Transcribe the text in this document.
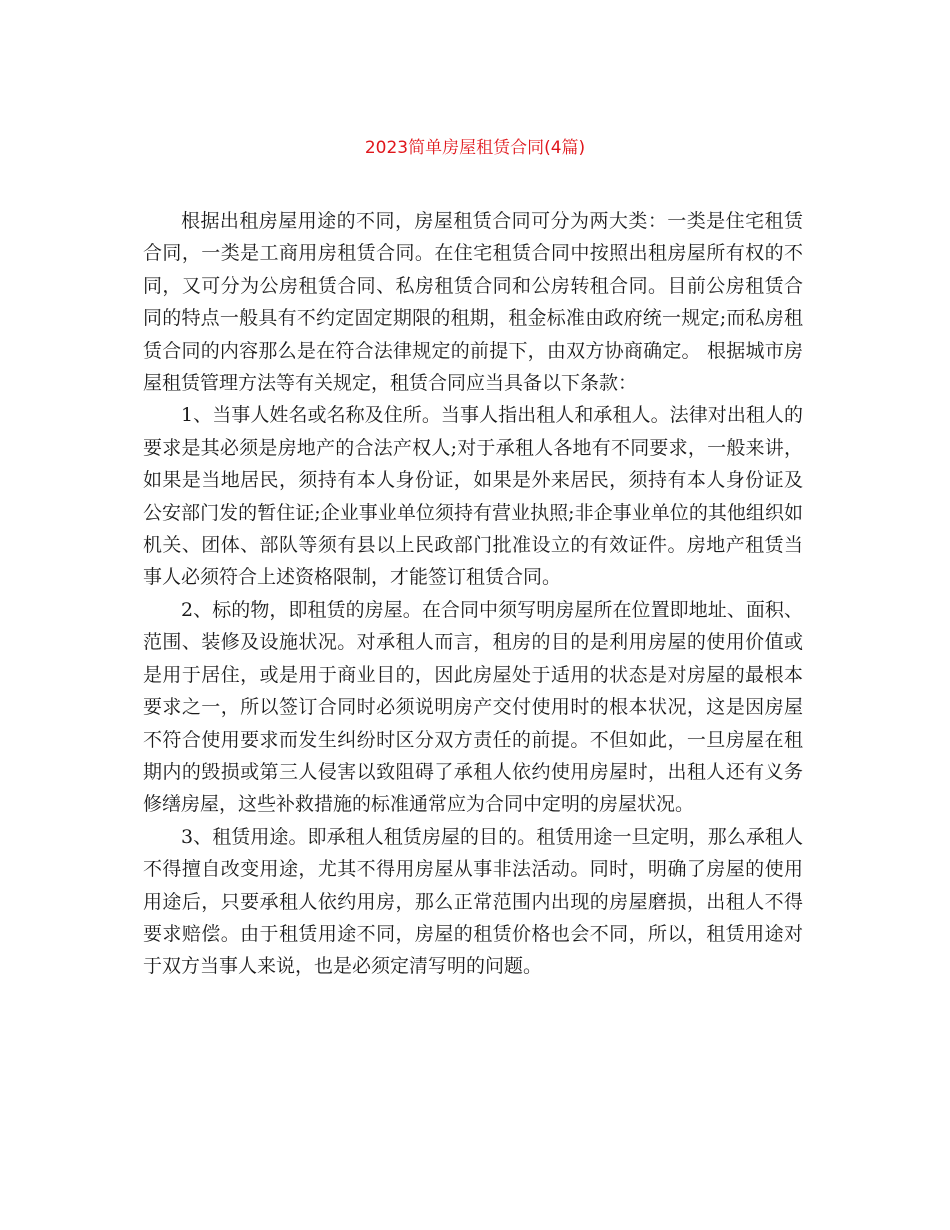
2023简单房屋租赁合同(4篇)

根据出租房屋用途的不同，房屋租赁合同可分为两大类：一类是住宅租赁合同，一类是工商用房租赁合同。在住宅租赁合同中按照出租房屋所有权的不同，又可分为公房租赁合同、私房租赁合同和公房转租合同。目前公房租赁合同的特点一般具有不约定固定期限的租期，租金标准由政府统一规定;而私房租赁合同的内容那么是在符合法律规定的前提下，由双方协商确定。 根据城市房屋租赁管理方法等有关规定，租赁合同应当具备以下条款：

1、当事人姓名或名称及住所。当事人指出租人和承租人。法律对出租人的要求是其必须是房地产的合法产权人;对于承租人各地有不同要求，一般来讲，如果是当地居民，须持有本人身份证，如果是外来居民，须持有本人身份证及公安部门发的暂住证;企业事业单位须持有营业执照;非企事业单位的其他组织如机关、团体、部队等须有县以上民政部门批准设立的有效证件。房地产租赁当事人必须符合上述资格限制，才能签订租赁合同。

2、标的物，即租赁的房屋。在合同中须写明房屋所在位置即地址、面积、范围、装修及设施状况。对承租人而言，租房的目的是利用房屋的使用价值或是用于居住，或是用于商业目的，因此房屋处于适用的状态是对房屋的最根本要求之一，所以签订合同时必须说明房产交付使用时的根本状况，这是因房屋不符合使用要求而发生纠纷时区分双方责任的前提。不但如此，一旦房屋在租期内的毁损或第三人侵害以致阻碍了承租人依约使用房屋时，出租人还有义务修缮房屋，这些补救措施的标准通常应为合同中定明的房屋状况。

3、租赁用途。即承租人租赁房屋的目的。租赁用途一旦定明，那么承租人不得擅自改变用途，尤其不得用房屋从事非法活动。同时，明确了房屋的使用用途后，只要承租人依约用房，那么正常范围内出现的房屋磨损，出租人不得要求赔偿。由于租赁用途不同，房屋的租赁价格也会不同，所以，租赁用途对于双方当事人来说，也是必须定清写明的问题。
